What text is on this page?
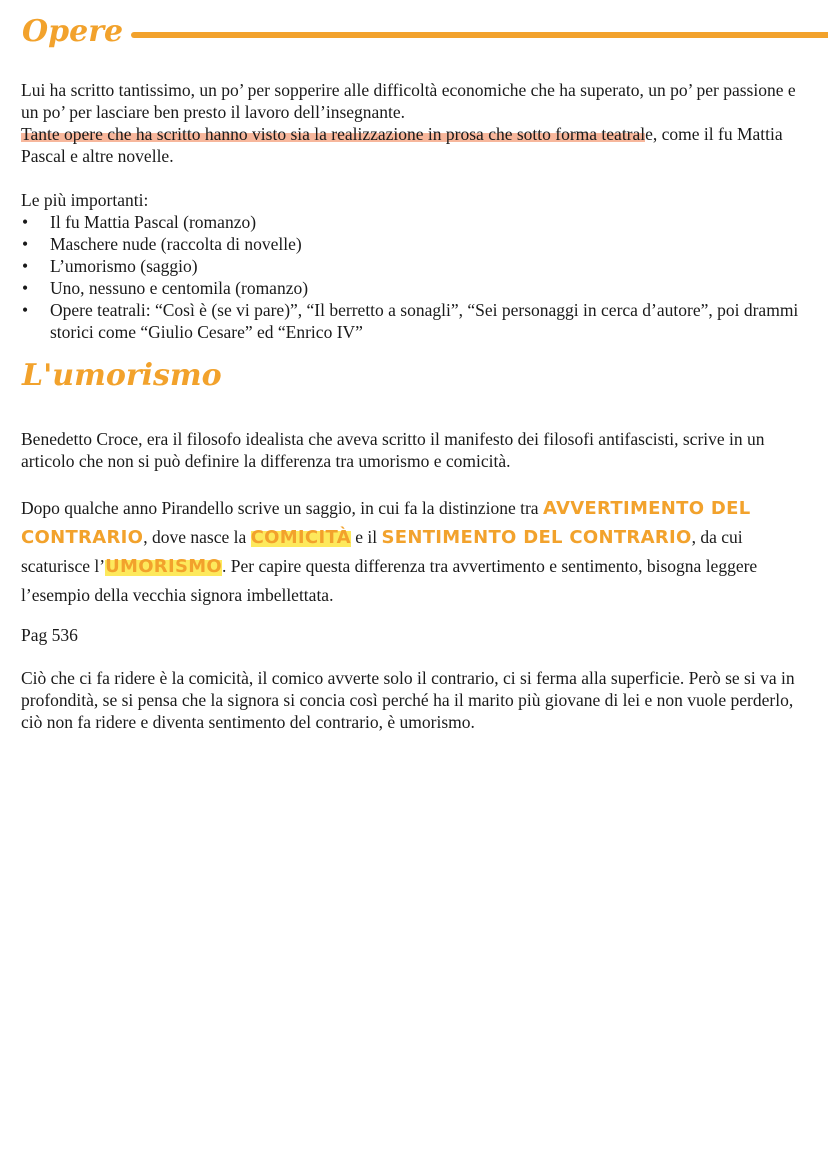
Opere

Lui ha scritto tantissimo, un po’ per sopperire alle difficoltà economiche che ha superato, un po’ per passione e un po’ per lasciare ben presto il lavoro dell’insegnante.
Tante opere che ha scritto hanno visto sia la realizzazione in prosa che sotto forma teatrale, come il fu Mattia Pascal e altre novelle.

Le più importanti:
• Il fu Mattia Pascal (romanzo)
• Maschere nude (raccolta di novelle)
• L’umorismo (saggio)
• Uno, nessuno e centomila (romanzo)
• Opere teatrali: “Così è (se vi pare)”, “Il berretto a sonagli”, “Sei personaggi in cerca d’autore”, poi drammi storici come “Giulio Cesare” ed “Enrico IV”
L'umorismo

Benedetto Croce, era il filosofo idealista che aveva scritto il manifesto dei filosofi antifascisti, scrive in un articolo che non si può definire la differenza tra umorismo e comicità.

Dopo qualche anno Pirandello scrive un saggio, in cui fa la distinzione tra AVVERTIMENTO DEL CONTRARIO, dove nasce la COMICITÀ e il SENTIMENTO DEL CONTRARIO, da cui scaturisce l’UMORISMO. Per capire questa differenza tra avvertimento e sentimento, bisogna leggere l’esempio della vecchia signora imbellettata.

Pag 536

Ciò che ci fa ridere è la comicità, il comico avverte solo il contrario, ci si ferma alla superficie. Però se si va in profondità, se si pensa che la signora si concia così perché ha il marito più giovane di lei e non vuole perderlo, ciò non fa ridere e diventa sentimento del contrario, è umorismo.
